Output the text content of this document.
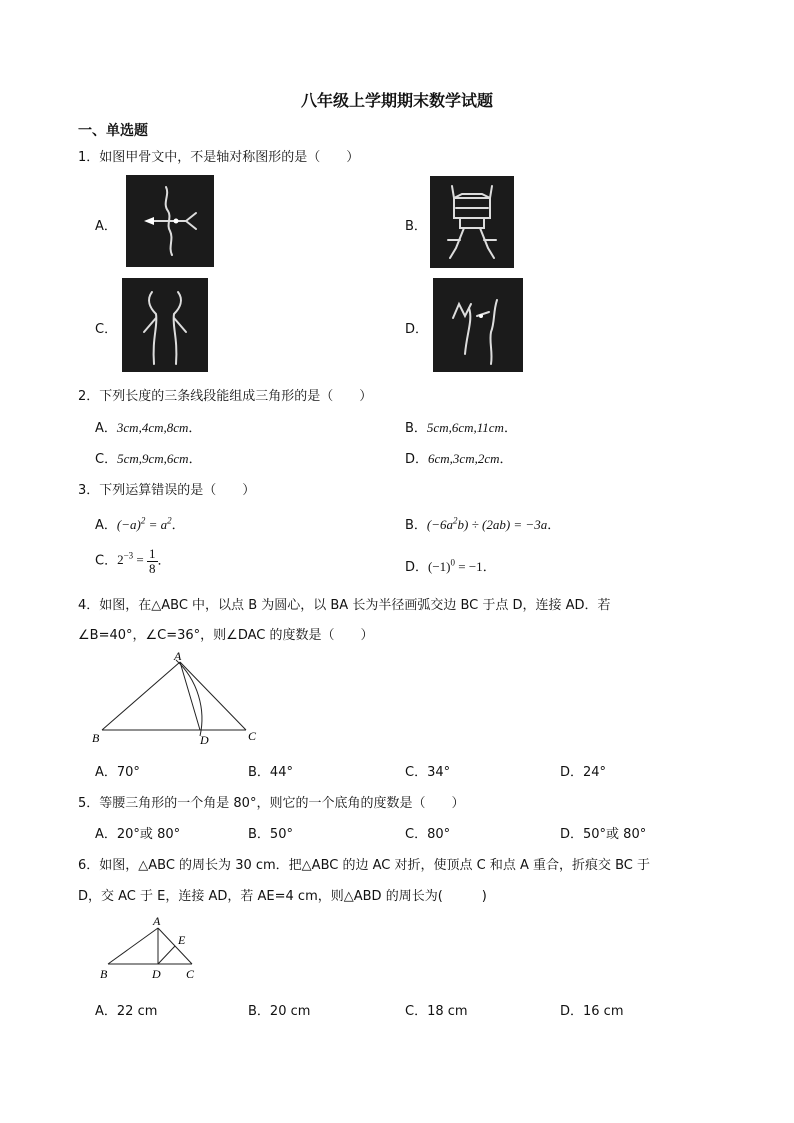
八年级上学期期末数学试题
一、单选题
1．如图甲骨文中，不是轴对称图形的是（　　）
A．	B．
C．	D．
2．下列长度的三条线段能组成三角形的是（　　）
A．3cm,4cm,8cm．	B．5cm,6cm,11cm．
C．5cm,9cm,6cm．	D．6cm,3cm,2cm．
3．下列运算错误的是（　　）
A．$(-a)^2 = a^2$．	B．$(-6a^2b) \div (2ab) = -3a$．
C．$2^{-3} = \frac{1}{8}$ ．	D．$(-1)^0 = -1$．
4．如图，在△ABC 中，以点 B 为圆心，以 BA 长为半径画弧交边 BC 于点 D，连接 AD．若
∠B=40°，∠C=36°，则∠DAC 的度数是（　　）
A
B	D	C
A．70°	B．44°	C．34°	D．24°
5．等腰三角形的一个角是 80°，则它的一个底角的度数是（　　）
A．20°或 80°	B．50°	C．80°	D．50°或 80°
6．如图，△ABC 的周长为 30 cm．把△ABC 的边 AC 对折，使顶点 C 和点 A 重合，折痕交 BC 于
D，交 AC 于 E，连接 AD，若 AE=4 cm，则△ABD 的周长为(　　　)
A
E
B	D C
A．22 cm	B．20 cm	C．18 cm	D．16 cm
